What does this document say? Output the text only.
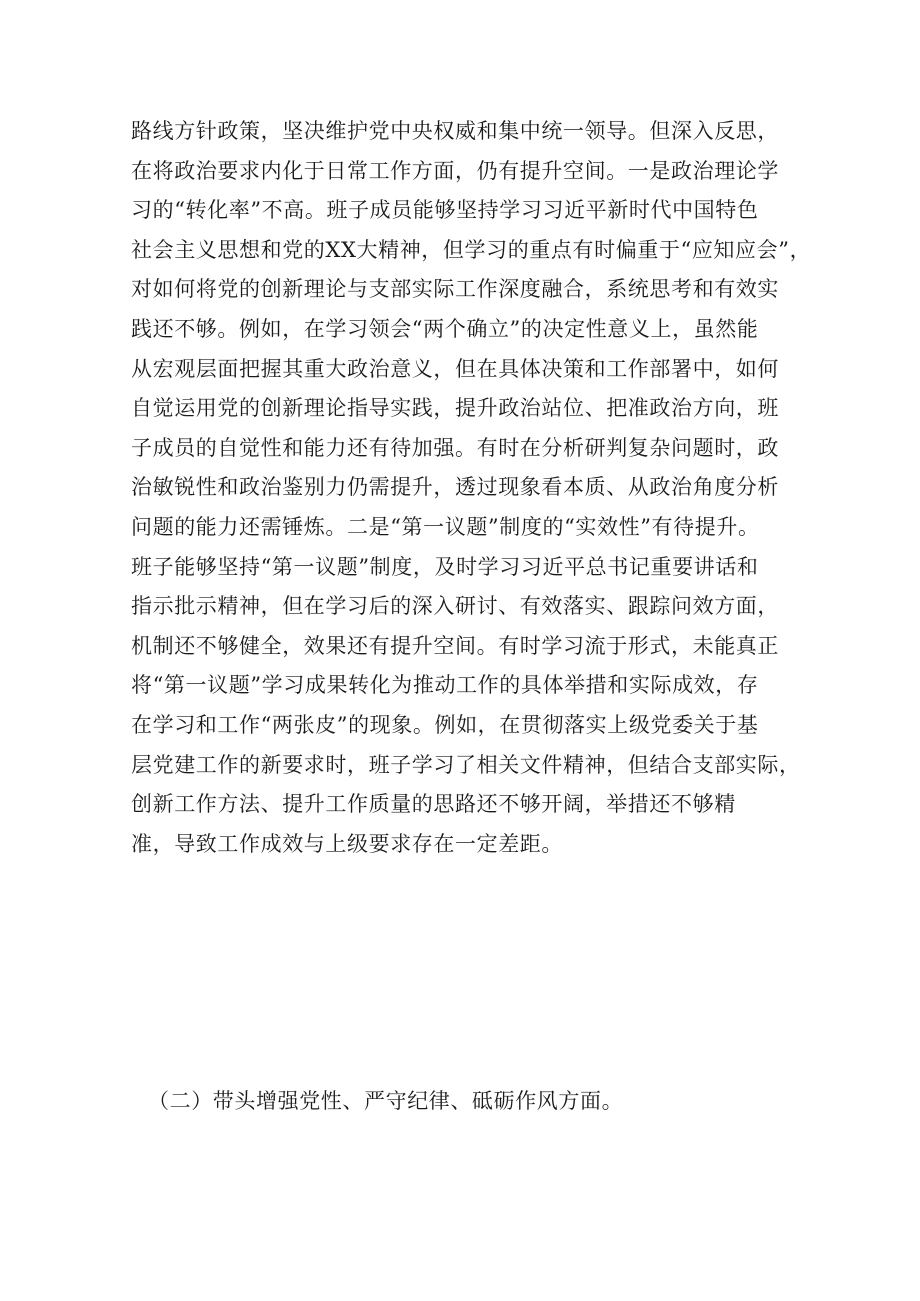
路线方针政策，坚决维护党中央权威和集中统一领导。但深入反思，
在将政治要求内化于日常工作方面，仍有提升空间。一是政治理论学
习的“转化率”不高。班子成员能够坚持学习习近平新时代中国特色
社会主义思想和党的XX大精神，但学习的重点有时偏重于“应知应会”，
对如何将党的创新理论与支部实际工作深度融合，系统思考和有效实
践还不够。例如，在学习领会“两个确立”的决定性意义上，虽然能
从宏观层面把握其重大政治意义，但在具体决策和工作部署中，如何
自觉运用党的创新理论指导实践，提升政治站位、把准政治方向，班
子成员的自觉性和能力还有待加强。有时在分析研判复杂问题时，政
治敏锐性和政治鉴别力仍需提升，透过现象看本质、从政治角度分析
问题的能力还需锤炼。二是“第一议题”制度的“实效性”有待提升。
班子能够坚持“第一议题”制度，及时学习习近平总书记重要讲话和
指示批示精神，但在学习后的深入研讨、有效落实、跟踪问效方面，
机制还不够健全，效果还有提升空间。有时学习流于形式，未能真正
将“第一议题”学习成果转化为推动工作的具体举措和实际成效，存
在学习和工作“两张皮”的现象。例如，在贯彻落实上级党委关于基
层党建工作的新要求时，班子学习了相关文件精神，但结合支部实际，
创新工作方法、提升工作质量的思路还不够开阔，举措还不够精
准，导致工作成效与上级要求存在一定差距。
（二）带头增强党性、严守纪律、砥砺作风方面。
